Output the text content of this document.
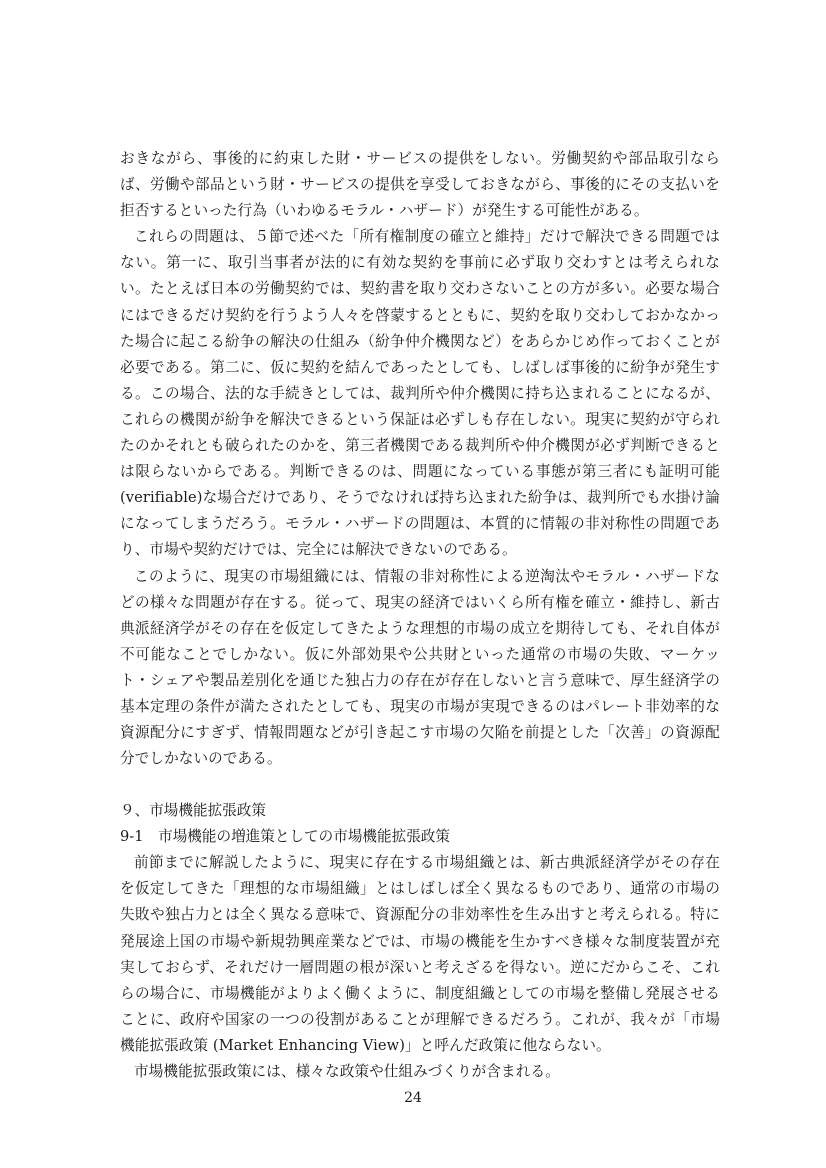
おきながら、事後的に約束した財・サービスの提供をしない。労働契約や部品取引ならば、労働や部品という財・サービスの提供を享受しておきながら、事後的にその支払いを拒否するといった行為（いわゆるモラル・ハザード）が発生する可能性がある。

これらの問題は、５節で述べた「所有権制度の確立と維持」だけで解決できる問題ではない。第一に、取引当事者が法的に有効な契約を事前に必ず取り交わすとは考えられない。たとえば日本の労働契約では、契約書を取り交わさないことの方が多い。必要な場合にはできるだけ契約を行うよう人々を啓蒙するとともに、契約を取り交わしておかなかった場合に起こる紛争の解決の仕組み（紛争仲介機関など）をあらかじめ作っておくことが必要である。第二に、仮に契約を結んであったとしても、しばしば事後的に紛争が発生する。この場合、法的な手続きとしては、裁判所や仲介機関に持ち込まれることになるが、これらの機関が紛争を解決できるという保証は必ずしも存在しない。現実に契約が守られたのかそれとも破られたのかを、第三者機関である裁判所や仲介機関が必ず判断できるとは限らないからである。判断できるのは、問題になっている事態が第三者にも証明可能(verifiable)な場合だけであり、そうでなければ持ち込まれた紛争は、裁判所でも水掛け論になってしまうだろう。モラル・ハザードの問題は、本質的に情報の非対称性の問題であり、市場や契約だけでは、完全には解決できないのである。

このように、現実の市場組織には、情報の非対称性による逆淘汰やモラル・ハザードなどの様々な問題が存在する。従って、現実の経済ではいくら所有権を確立・維持し、新古典派経済学がその存在を仮定してきたような理想的市場の成立を期待しても、それ自体が不可能なことでしかない。仮に外部効果や公共財といった通常の市場の失敗、マーケット・シェアや製品差別化を通じた独占力の存在が存在しないと言う意味で、厚生経済学の基本定理の条件が満たされたとしても、現実の市場が実現できるのはパレート非効率的な資源配分にすぎず、情報問題などが引き起こす市場の欠陥を前提とした「次善」の資源配分でしかないのである。

９、市場機能拡張政策

9-1　市場機能の増進策としての市場機能拡張政策

前節までに解説したように、現実に存在する市場組織とは、新古典派経済学がその存在を仮定してきた「理想的な市場組織」とはしばしば全く異なるものであり、通常の市場の失敗や独占力とは全く異なる意味で、資源配分の非効率性を生み出すと考えられる。特に発展途上国の市場や新規勃興産業などでは、市場の機能を生かすべき様々な制度装置が充実しておらず、それだけ一層問題の根が深いと考えざるを得ない。逆にだからこそ、これらの場合に、市場機能がよりよく働くように、制度組織としての市場を整備し発展させることに、政府や国家の一つの役割があることが理解できるだろう。これが、我々が「市場機能拡張政策 (Market Enhancing View)」と呼んだ政策に他ならない。

市場機能拡張政策には、様々な政策や仕組みづくりが含まれる。

24
